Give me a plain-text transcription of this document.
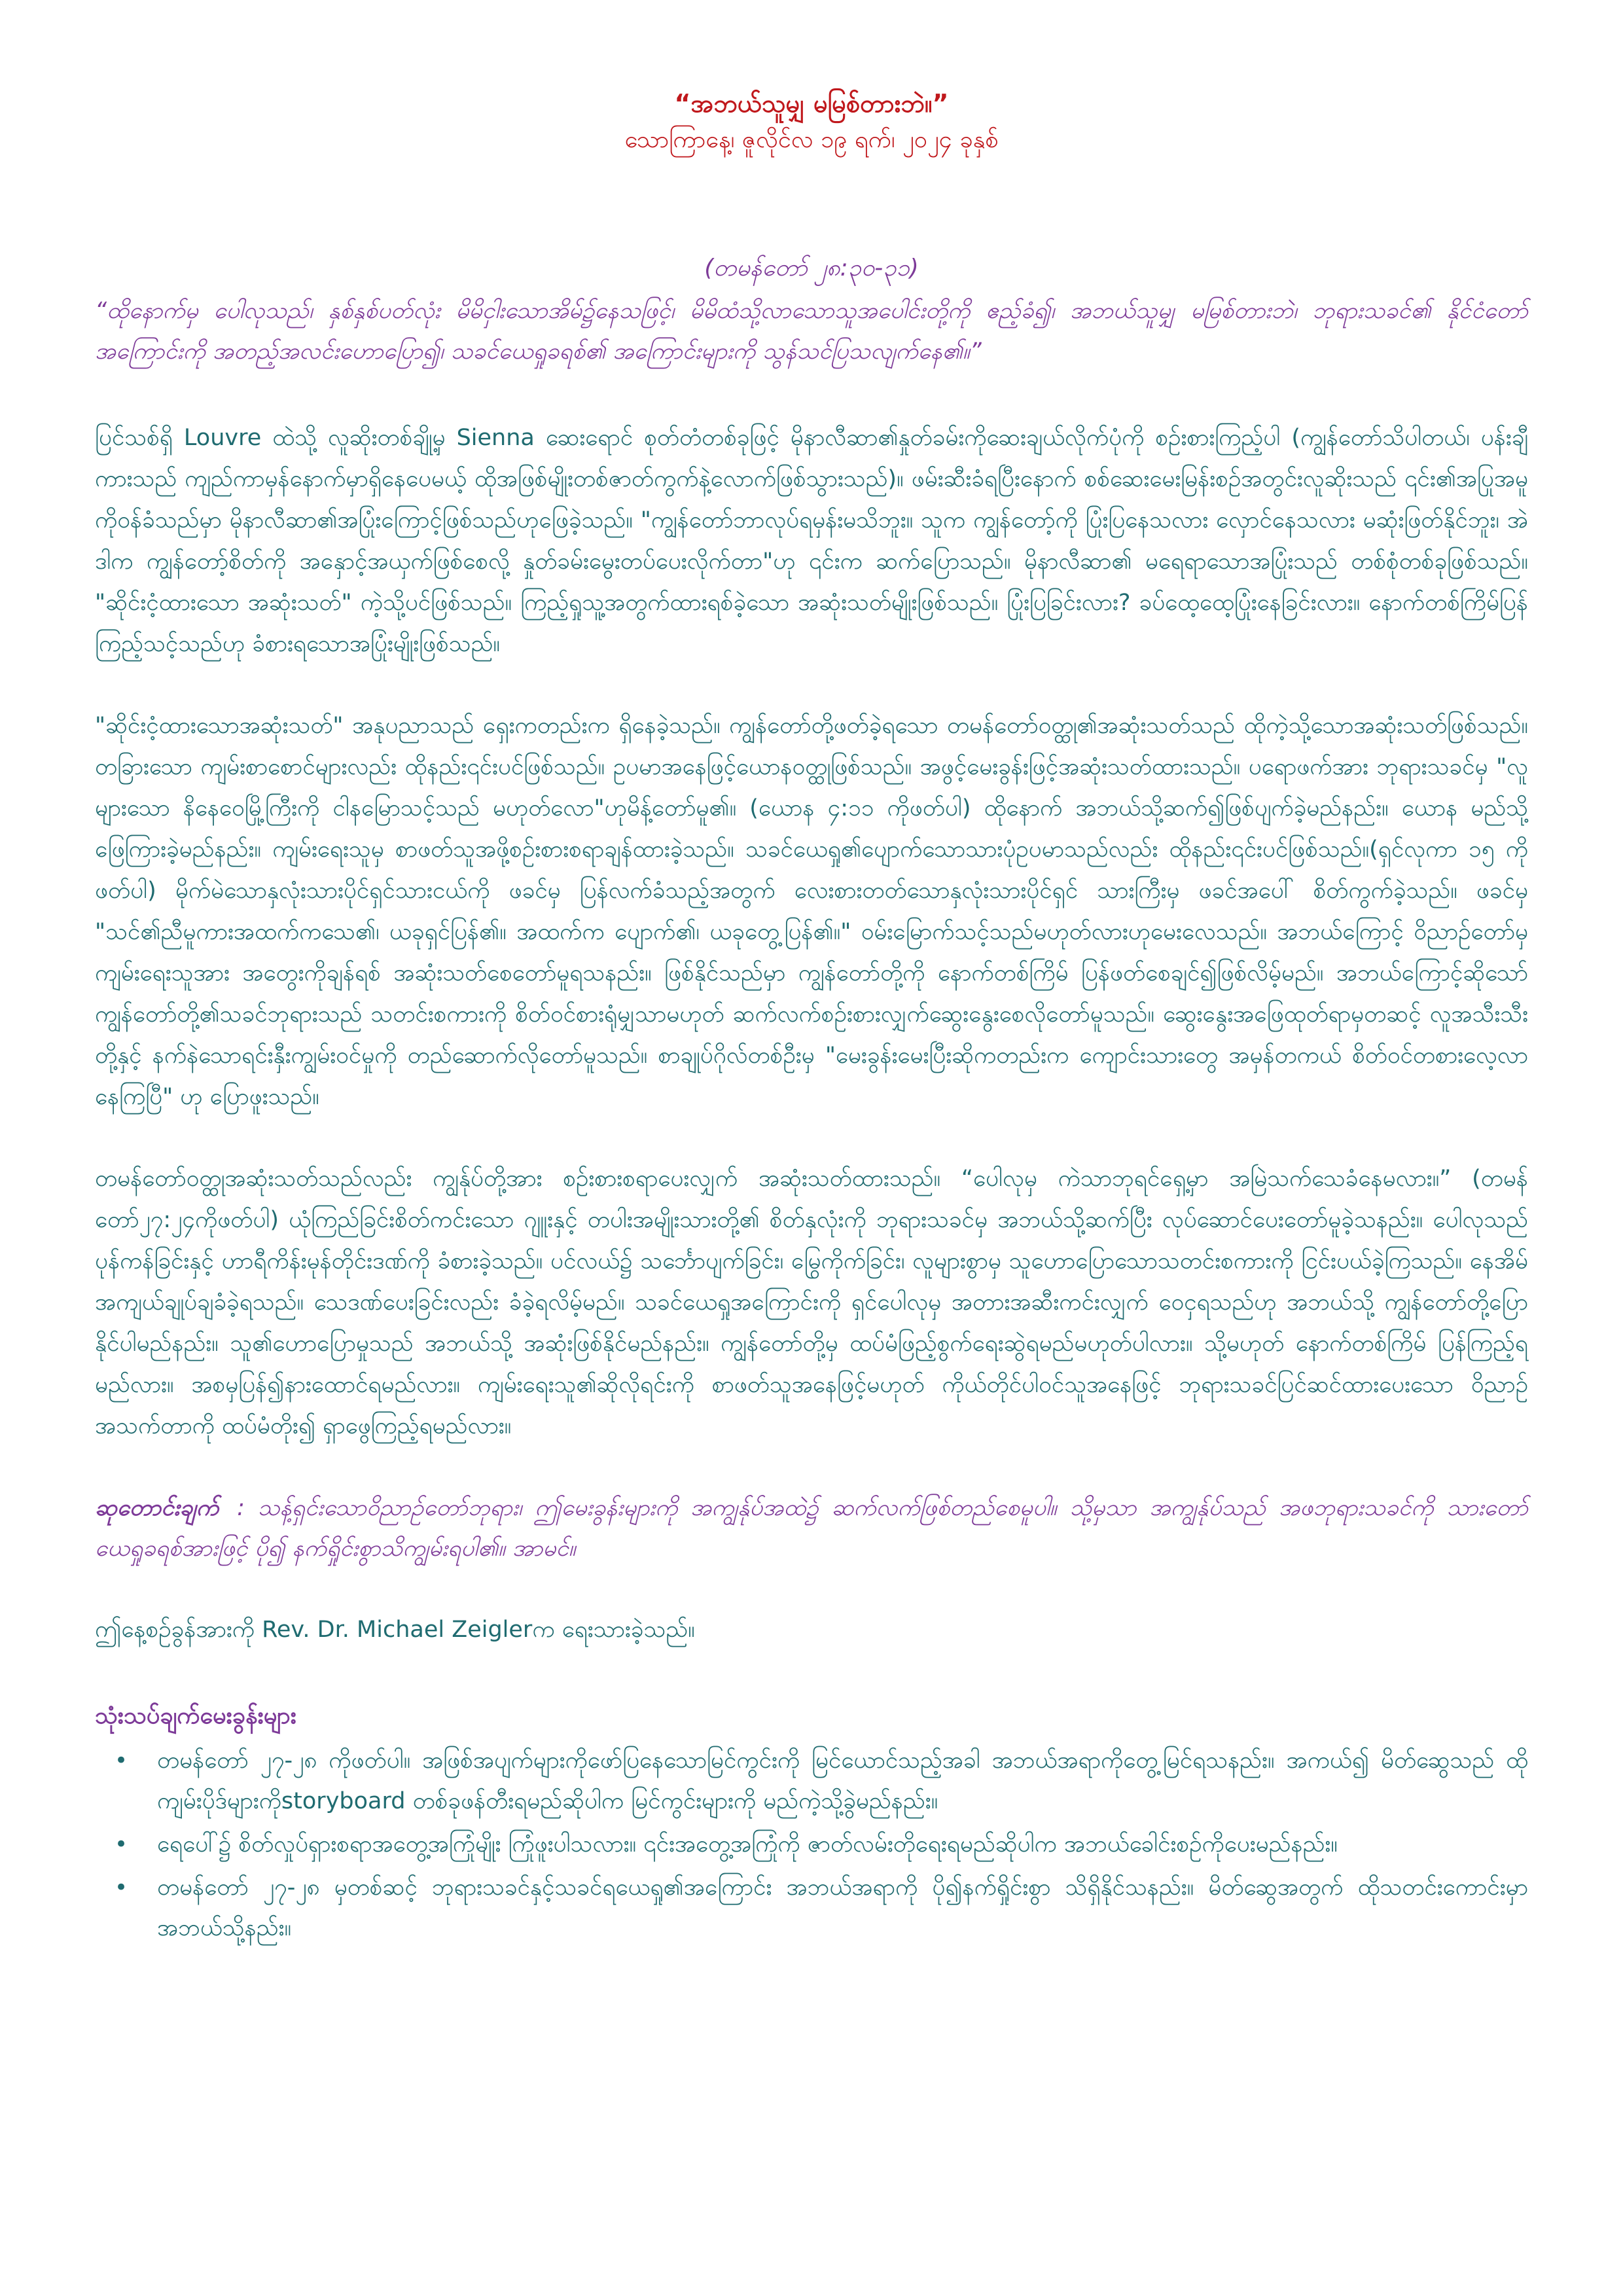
“အဘယ်သူမျှ မမြစ်တားဘဲ။”

သောကြာနေ့၊ ဇူလိုင်လ ၁၉ ရက်၊ ၂၀၂၄ ခုနှစ်

(တမန်တော် ၂၈:၃၀-၃၁)

“ထိုနောက်မှ ပေါလုသည်၊ နှစ်နှစ်ပတ်လုံး မိမိငှါးသောအိမ်၌နေသဖြင့်၊ မိမိထံသို့လာသောသူအပေါင်းတို့ကို ဧည့်ခံ၍၊ အဘယ်သူမျှ မမြစ်တားဘဲ၊ ဘုရားသခင်၏ နိုင်ငံတော်အကြောင်းကို အတည့်အလင်းဟောပြော၍၊ သခင်ယေရှုခရစ်၏ အကြောင်းများကို သွန်သင်ပြသလျက်နေ၏။”

ပြင်သစ်ရှိ Louvre ထဲသို့ လူဆိုးတစ်ချို့မှ Sienna ဆေးရောင် စုတ်တံတစ်ခုဖြင့် မိုနာလီဆာ၏နှုတ်ခမ်းကိုဆေးချယ်လိုက်ပုံကို စဉ်းစားကြည့်ပါ (ကျွန်တော်သိပါတယ်၊ ပန်းချီကားသည် ကျည်ကာမှန်နောက်မှာရှိနေပေမယ့် ထိုအဖြစ်မျိုးတစ်ဇာတ်ကွက်နဲ့လောက်ဖြစ်သွားသည်)။ ဖမ်းဆီးခံရပြီးနောက် စစ်ဆေးမေးမြန်းစဉ်အတွင်းလူဆိုးသည် ၎င်း၏အပြုအမူကိုဝန်ခံသည်မှာ မိုနာလီဆာ၏အပြုံးကြောင့်ဖြစ်သည်ဟုဖြေခဲ့သည်။ "ကျွန်တော်ဘာလုပ်ရမှန်းမသိဘူး။ သူက ကျွန်တော့်ကို ပြုံးပြနေသလား လှောင်နေသလား မဆုံးဖြတ်နိုင်ဘူး၊ အဲဒါက ကျွန်တော့်စိတ်ကို အနှောင့်အယှက်ဖြစ်စေလို့ နှုတ်ခမ်းမွေးတပ်ပေးလိုက်တာ"ဟု ၎င်းက ဆက်ပြောသည်။ မိုနာလီဆာ၏ မရေရာသောအပြုံးသည် တစ်စုံတစ်ခုဖြစ်သည်။ "ဆိုင်းငံ့ထားသော အဆုံးသတ်" ကဲ့သို့ပင်ဖြစ်သည်။ ကြည့်ရှုသူ့အတွက်ထားရစ်ခဲ့သော အဆုံးသတ်မျိုးဖြစ်သည်။ ပြုံးပြခြင်းလား? ခပ်ထေ့ထေ့ပြုံးနေခြင်းလား။ နောက်တစ်ကြိမ်ပြန်ကြည့်သင့်သည်ဟု ခံစားရသောအပြုံးမျိုးဖြစ်သည်။

"ဆိုင်းငံ့ထားသောအဆုံးသတ်" အနုပညာသည် ရှေးကတည်းက ရှိနေခဲ့သည်။ ကျွန်တော်တို့ဖတ်ခဲ့ရသော တမန်တော်ဝတ္ထု၏အဆုံးသတ်သည် ထိုကဲ့သို့သောအဆုံးသတ်ဖြစ်သည်။ တခြားသော ကျမ်းစာစောင်များလည်း ထိုနည်း၎င်းပင်ဖြစ်သည်။ ဥပမာအနေဖြင့်ယောနဝတ္ထုဖြစ်သည်။ အဖွင့်မေးခွန်းဖြင့်အဆုံးသတ်ထားသည်။ ပရောဖက်အား ဘုရားသခင်မှ "လူများသော နိနေဝေမြို့ကြီးကို ငါနမြောသင့်သည် မဟုတ်လော"ဟုမိန့်တော်မူ၏။ (ယောန ၄:၁၁ ကိုဖတ်ပါ) ထိုနောက် အဘယ်သို့ဆက်၍ဖြစ်ပျက်ခဲ့မည်နည်း။ ယောန မည်သို့ဖြေကြားခဲ့မည်နည်း။ ကျမ်းရေးသူမှ စာဖတ်သူအဖို့စဉ်းစားစရာချန်ထားခဲ့သည်။ သခင်ယေရှု၏ပျောက်သောသားပုံဥပမာသည်လည်း ထိုနည်း၎င်းပင်ဖြစ်သည်။(ရှင်လုကာ ၁၅ ကိုဖတ်ပါ) မိုက်မဲသောနှလုံးသားပိုင်ရှင်သားငယ်ကို ဖခင်မှ ပြန်လက်ခံသည့်အတွက် လေးစားတတ်သောနှလုံးသားပိုင်ရှင် သားကြီးမှ ဖခင်အပေါ် စိတ်ကွက်ခဲ့သည်။ ဖခင်မှ "သင်၏ညီမူကားအထက်ကသေ၏၊ ယခုရှင်ပြန်၏။ အထက်က ပျောက်၏၊ ယခုတွေ့ပြန်၏။" ဝမ်းမြောက်သင့်သည်မဟုတ်လားဟုမေးလေသည်။ အဘယ်ကြောင့် ဝိညာဉ်တော်မှ ကျမ်းရေးသူအား အတွေးကိုချန်ရစ် အဆုံးသတ်စေတော်မူရသနည်း။ ဖြစ်နိုင်သည်မှာ ကျွန်တော်တို့ကို နောက်တစ်ကြိမ် ပြန်ဖတ်စေချင်၍ဖြစ်လိမ့်မည်။ အဘယ်ကြောင့်ဆိုသော် ကျွန်တော်တို့၏သခင်ဘုရားသည် သတင်းစကားကို စိတ်ဝင်စားရုံမျှသာမဟုတ် ဆက်လက်စဉ်းစားလျှက်ဆွေးနွေးစေလိုတော်မူသည်။ ဆွေးနွေးအဖြေထုတ်ရာမှတဆင့် လူအသီးသီးတို့နှင့် နက်နဲသောရင်းနှီးကျွမ်းဝင်မှုကို တည်ဆောက်လိုတော်မူသည်။ စာချုပ်ဂိုလ်တစ်ဦးမှ "မေးခွန်းမေးပြီးဆိုကတည်းက ကျောင်းသားတွေ အမှန်တကယ် စိတ်ဝင်တစားလေ့လာနေကြပြီ" ဟု ပြောဖူးသည်။

တမန်တော်ဝတ္ထုအဆုံးသတ်သည်လည်း ကျွန်ုပ်တို့အား စဉ်းစားစရာပေးလျှက် အဆုံးသတ်ထားသည်။ “ပေါလုမှ ကဲသာဘုရင်ရှေ့မှာ အမြဲသက်သေခံနေမလား။” (တမန်တော်၂၇:၂၄ကိုဖတ်ပါ) ယုံကြည်ခြင်းစိတ်ကင်းသော ဂျူးနှင့် တပါးအမျိုးသားတို့၏ စိတ်နှလုံးကို ဘုရားသခင်မှ အဘယ်သို့ဆက်ပြီး လုပ်ဆောင်ပေးတော်မူခဲ့သနည်း။ ပေါလုသည် ပုန်ကန်ခြင်းနှင့် ဟာရီကိန်းမုန်တိုင်းဒဏ်ကို ခံစားခဲ့သည်။ ပင်လယ်၌ သင်္ဘောပျက်ခြင်း၊ မြွေကိုက်ခြင်း၊ လူများစွာမှ သူဟောပြောသောသတင်းစကားကို ငြင်းပယ်ခဲ့ကြသည်။ နေအိမ်အကျယ်ချုပ်ချခံခဲ့ရသည်။ သေဒဏ်ပေးခြင်းလည်း ခံခဲ့ရလိမ့်မည်။ သခင်ယေရှုအကြောင်းကို ရှင်ပေါလုမှ အတားအဆီးကင်းလျှက် ဝေငှရသည်ဟု အဘယ်သို့ ကျွန်တော်တို့ပြောနိုင်ပါမည်နည်း။ သူ၏ဟောပြောမှုသည် အဘယ်သို့ အဆုံးဖြစ်နိုင်မည်နည်း။ ကျွန်တော်တို့မှ ထပ်မံဖြည့်စွက်ရေးဆွဲရမည်မဟုတ်ပါလား။ သို့မဟုတ် နောက်တစ်ကြိမ် ပြန်ကြည့်ရမည်လား။ အစမှပြန်၍နားထောင်ရမည်လား။ ကျမ်းရေးသူ၏ဆိုလိုရင်းကို စာဖတ်သူအနေဖြင့်မဟုတ် ကိုယ်တိုင်ပါဝင်သူအနေဖြင့် ဘုရားသခင်ပြင်ဆင်ထားပေးသော ဝိညာဉ်အသက်တာကို ထပ်မံတိုး၍ ရှာဖွေကြည့်ရမည်လား။

ဆုတောင်းချက် : သန့်ရှင်းသောဝိညာဉ်တော်ဘုရား၊ ဤမေးခွန်းများကို အကျွန်ုပ်အထဲ၌ ဆက်လက်ဖြစ်တည်စေမူပါ။ သို့မှသာ အကျွန်ုပ်သည် အဖဘုရားသခင်ကို သားတော်ယေရှုခရစ်အားဖြင့် ပို၍ နက်ရှိုင်းစွာသိကျွမ်းရပါ၏။ အာမင်။

ဤနေ့စဉ်ခွန်အားကို Rev. Dr. Michael Zeiglerက ရေးသားခဲ့သည်။

သုံးသပ်ချက်မေးခွန်းများ
• တမန်တော် ၂၇-၂၈ ကိုဖတ်ပါ။ အဖြစ်အပျက်များကိုဖော်ပြနေသောမြင်ကွင်းကို မြင်ယောင်သည့်အခါ အဘယ်အရာကိုတွေ့မြင်ရသနည်း။ အကယ်၍ မိတ်ဆွေသည် ထိုကျမ်းပိုဒ်များကိုstoryboard တစ်ခုဖန်တီးရမည်ဆိုပါက မြင်ကွင်းများကို မည်ကဲ့သို့ခွဲမည်နည်း။
• ရေပေါ်၌ စိတ်လှုပ်ရှားစရာအတွေ့အကြုံမျိုး ကြုံဖူးပါသလား။ ၎င်းအတွေ့အကြုံကို ဇာတ်လမ်းတိုရေးရမည်ဆိုပါက အဘယ်ခေါင်းစဉ်ကိုပေးမည်နည်း။
• တမန်တော် ၂၇-၂၈ မှတစ်ဆင့် ဘုရားသခင်နှင့်သခင်ရယေရှု၏အကြောင်း အဘယ်အရာကို ပို၍နက်ရှိုင်းစွာ သိရှိနိုင်သနည်း။ မိတ်ဆွေအတွက် ထိုသတင်းကောင်းမှာ အဘယ်သို့နည်း။
